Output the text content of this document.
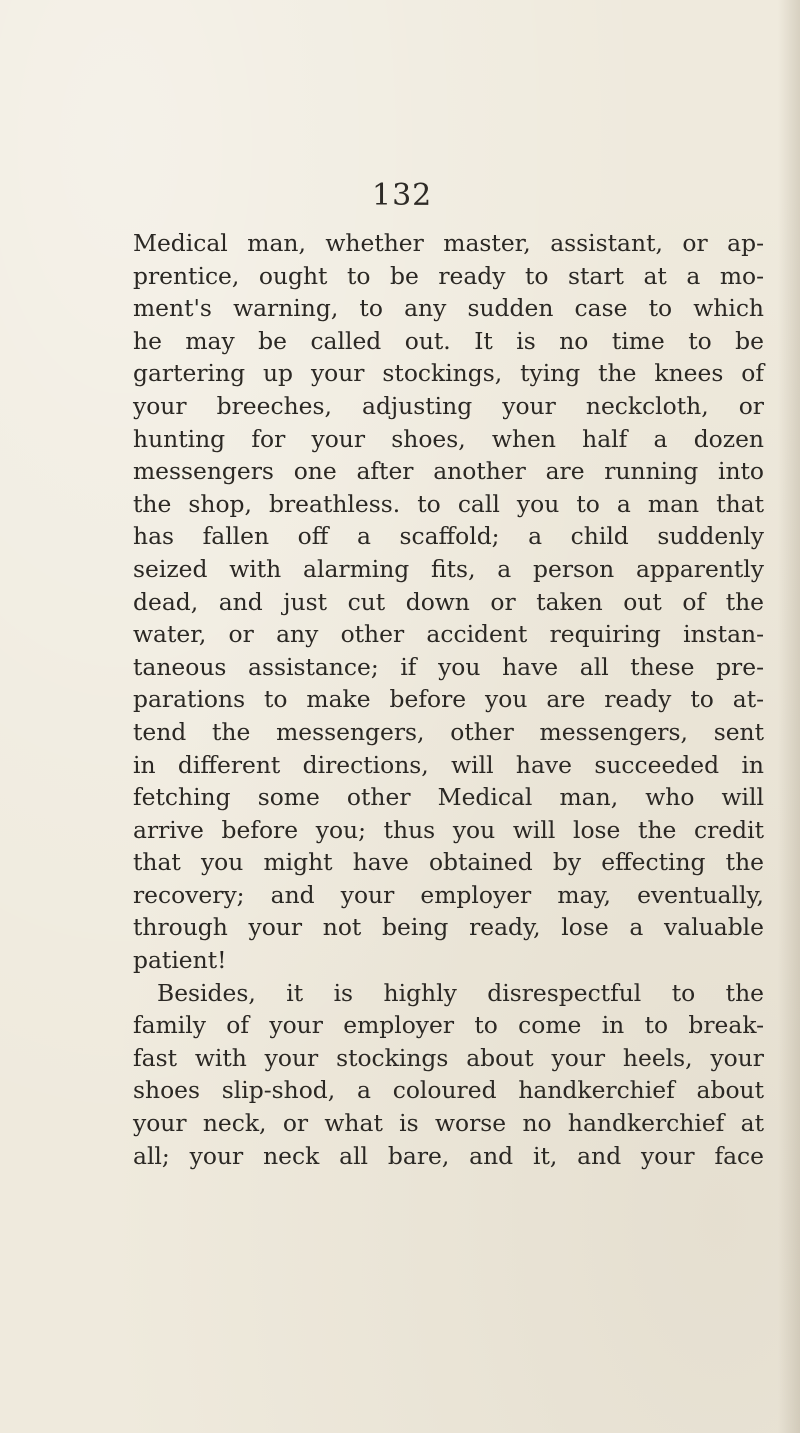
132
Medical man, whether master, assistant, or ap-
prentice, ought to be ready to start at a mo-
ment's warning, to any sudden case to which
he may be called out. It is no time to be
gartering up your stockings, tying the knees of
your breeches, adjusting your neckcloth, or
hunting for your shoes, when half a dozen
messengers one after another are running into
the shop, breathless. to call you to a man that
has fallen off a scaffold; a child suddenly
seized with alarming fits, a person apparently
dead, and just cut down or taken out of the
water, or any other accident requiring instan-
taneous assistance; if you have all these pre-
parations to make before you are ready to at-
tend the messengers, other messengers, sent
in different directions, will have succeeded in
fetching some other Medical man, who will
arrive before you; thus you will lose the credit
that you might have obtained by effecting the
recovery; and your employer may, eventually,
through your not being ready, lose a valuable
patient!
Besides, it is highly disrespectful to the
family of your employer to come in to break-
fast with your stockings about your heels, your
shoes slip-shod, a coloured handkerchief about
your neck, or what is worse no handkerchief at
all; your neck all bare, and it, and your face
